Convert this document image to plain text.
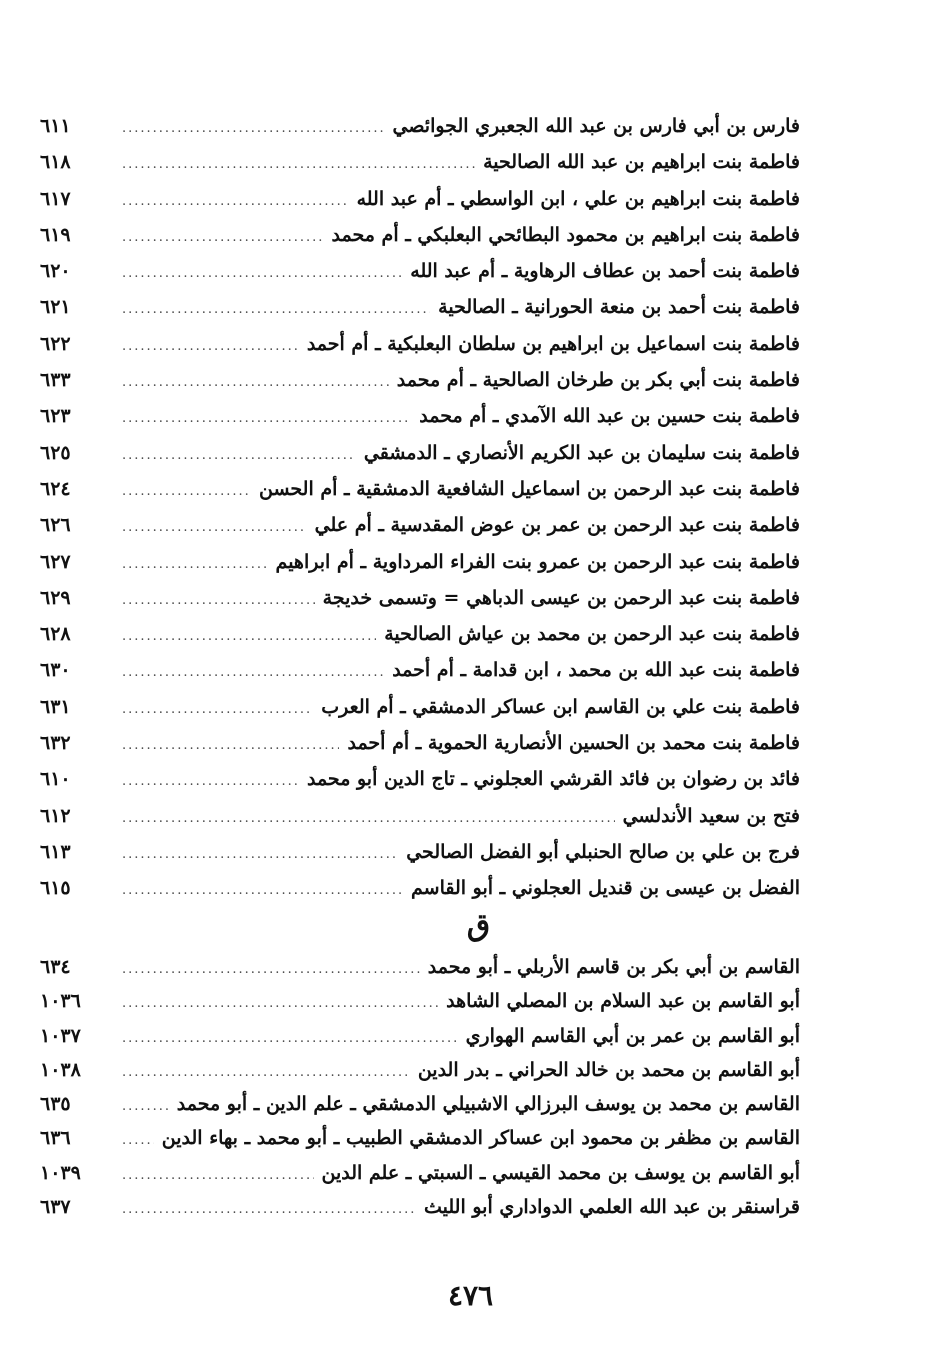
فارس بن أبي فارس بن عبد الله الجعبري الجوائصي
.....
٦١١
فاطمة بنت ابراهيم بن عبد الله الصالحية
.....
٦١٨
فاطمة بنت ابراهيم بن علي ، ابن الواسطي ـ أم عبد الله
.....
٦١٧
فاطمة بنت ابراهيم بن محمود البطائحي البعلبكي ـ أم محمد
.....
٦١٩
فاطمة بنت أحمد بن عطاف الرهاوية ـ أم عبد الله
.....
٦٢٠
فاطمة بنت أحمد بن منعة الحورانية ـ الصالحية
.....
٦٢١
فاطمة بنت اسماعيل بن ابراهيم بن سلطان البعلبكية ـ أم أحمد
.....
٦٢٢
فاطمة بنت أبي بكر بن طرخان الصالحية ـ أم محمد
.....
٦٣٣
فاطمة بنت حسين بن عبد الله الآمدي ـ أم محمد
.....
٦٢٣
فاطمة بنت سليمان بن عبد الكريم الأنصاري ـ الدمشقي
.....
٦٢٥
فاطمة بنت عبد الرحمن بن اسماعيل الشافعية الدمشقية ـ أم الحسن
.....
٦٢٤
فاطمة بنت عبد الرحمن بن عمر بن عوض المقدسية ـ أم علي
.....
٦٢٦
فاطمة بنت عبد الرحمن بن عمرو بنت الفراء المرداوية ـ أم ابراهيم
.....
٦٢٧
فاطمة بنت عبد الرحمن بن عيسى الدباهي = وتسمى خديجة
.....
٦٢٩
فاطمة بنت عبد الرحمن بن محمد بن عياش الصالحية
.....
٦٢٨
فاطمة بنت عبد الله بن محمد ، ابن قدامة ـ أم أحمد
.....
٦٣٠
فاطمة بنت علي بن القاسم ابن عساكر الدمشقي ـ أم العرب
.....
٦٣١
فاطمة بنت محمد بن الحسين الأنصارية الحموية ـ أم أحمد
.....
٦٣٢
فائد بن رضوان بن فائد القرشي العجلوني ـ تاج الدين أبو محمد
.....
٦١٠
فتح بن سعيد الأندلسي
.....
٦١٢
فرج بن علي بن صالح الحنبلي أبو الفضل الصالحي
.....
٦١٣
الفضل بن عيسى بن قنديل العجلوني ـ أبو القاسم
.....
٦١٥
ق
القاسم بن أبي بكر بن قاسم الأربلي ـ أبو محمد
.....
٦٣٤
أبو القاسم بن عبد السلام بن المصلي الشاهد
.....
١٠٣٦
أبو القاسم بن عمر بن أبي القاسم الهواري
.....
١٠٣٧
أبو القاسم بن محمد بن خالد الحراني ـ بدر الدين
.....
١٠٣٨
القاسم بن محمد بن يوسف البرزالي الاشبيلي الدمشقي ـ علم الدين ـ أبو محمد
.....
٦٣٥
القاسم بن مظفر بن محمود ابن عساكر الدمشقي الطبيب ـ أبو محمد ـ بهاء الدين
.....
٦٣٦
أبو القاسم بن يوسف بن محمد القيسي ـ السبتي ـ علم الدين
.....
١٠٣٩
قراسنقر بن عبد الله العلمي الدواداري أبو الليث
.....
٦٣٧
٤٧٦
